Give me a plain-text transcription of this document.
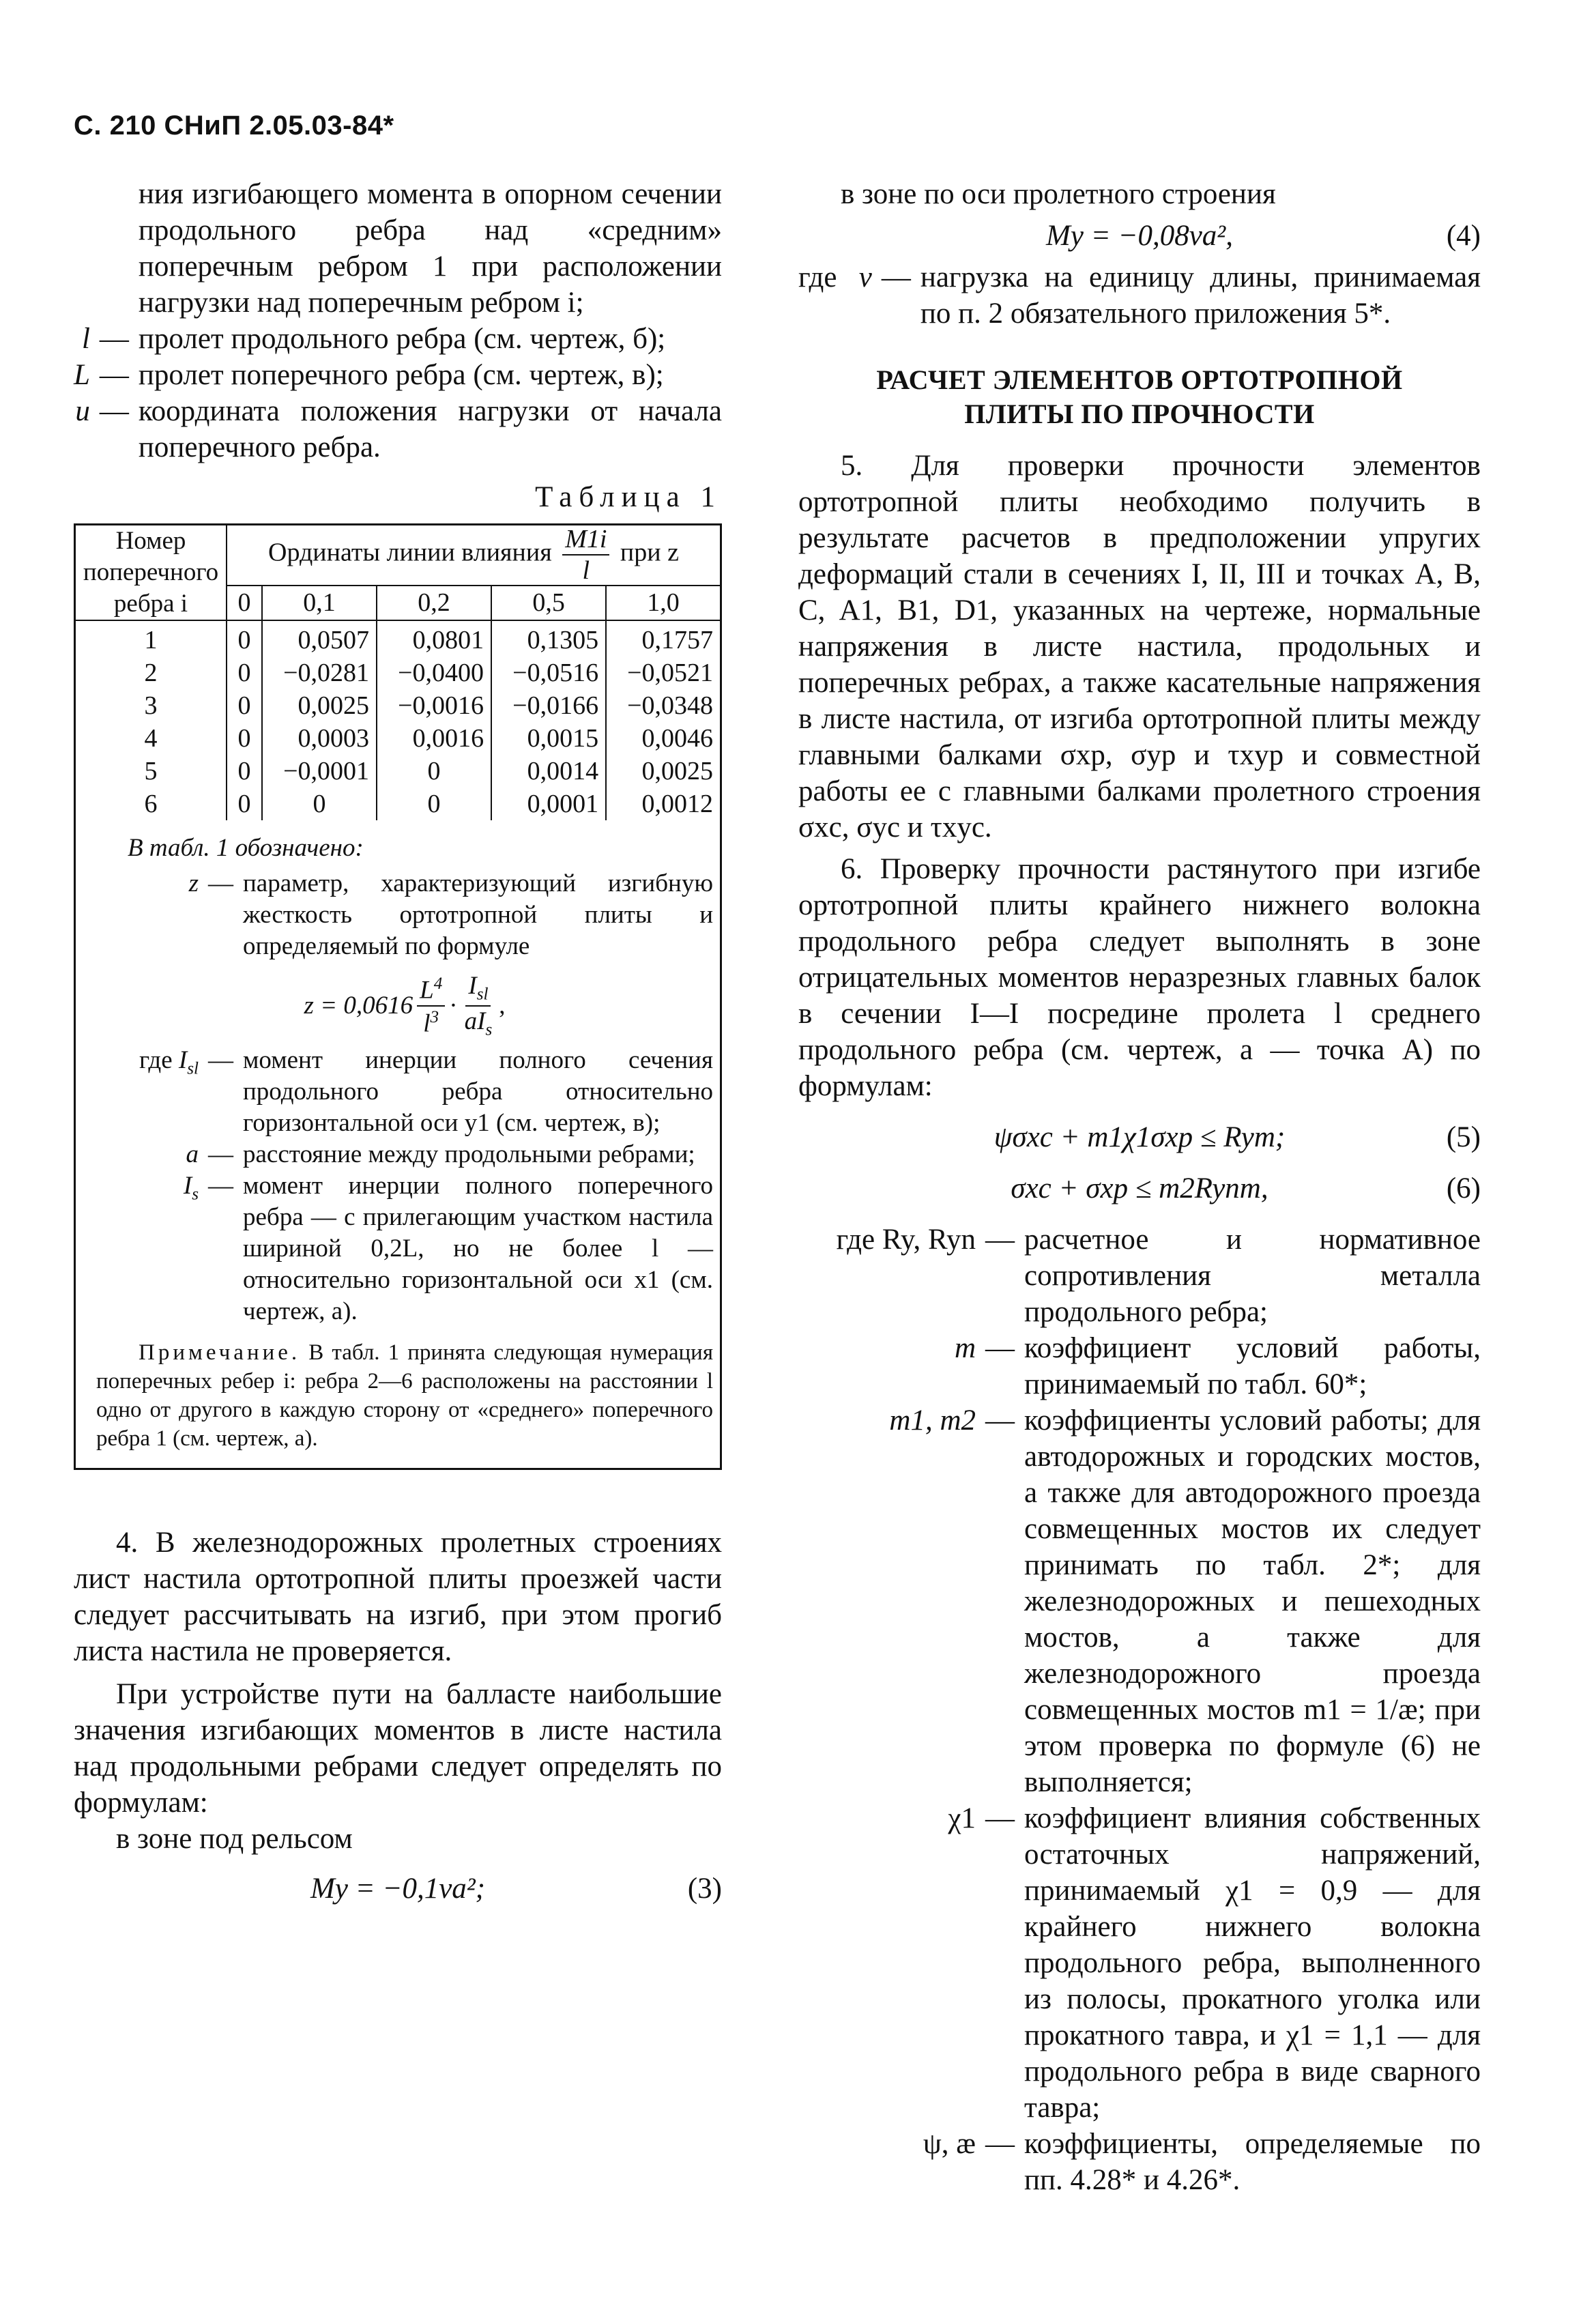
С. 210 СНиП 2.05.03-84*
ния изгибающего момента в опорном сечении продольного ребра над «средним» поперечным ребром 1 при расположении нагрузки над поперечным ребром i;
l — пролет продольного ребра (см. чертеж, б);
L — пролет поперечного ребра (см. чертеж, в);
u — координата положения нагрузки от начала поперечного ребра.
Таблица 1
Номер поперечного ребра i	Ординаты линии влияния $\frac{M1i}{l}$ при z				
	0	0,1	0,2	0,5	1,0
1	0	0,0507	0,0801	0,1305	0,1757
2	0	−0,0281	−0,0400	−0,0516	−0,0521
3	0	0,0025	−0,0016	−0,0166	−0,0348
4	0	0,0003	0,0016	0,0015	0,0046
5	0	−0,0001	0	0,0014	0,0025
6	0	0	0	0,0001	0,0012
В табл. 1 обозначено:
z — параметр, характеризующий изгибную жесткость ортотропной плиты и определяемый по формуле
$z = 0,0616 \frac{L^4}{l^3} \cdot \frac{I_{sl}}{aI_s}$ ,
где $I_{sl}$ — момент инерции полного сечения продольного ребра относительно горизонтальной оси y1 (см. чертеж, в);
a — расстояние между продольными ребрами;
$I_s$ — момент инерции полного поперечного ребра — с прилегающим участком настила шириной 0,2L, но не более l — относительно горизонтальной оси x1 (см. чертеж, а).

Примечание. В табл. 1 принята следующая нумерация поперечных ребер i: ребра 2—6 расположены на расстоянии l одно от другого в каждую сторону от «среднего» поперечного ребра 1 (см. чертеж, а).

4. В железнодорожных пролетных строениях лист настила ортотропной плиты проезжей части следует рассчитывать на изгиб, при этом прогиб листа настила не проверяется.

При устройстве пути на балласте наибольшие значения изгибающих моментов в листе настила над продольными ребрами следует определять по формулам:

в зоне под рельсом

My = −0,1va²;	(3)

в зоне по оси пролетного строения

My = −0,08va²,	(4)
где   v — нагрузка на единицу длины, принимаемая по п. 2 обязательного приложения 5*.
РАСЧЕТ ЭЛЕМЕНТОВ ОРТОТРОПНОЙ ПЛИТЫ ПО ПРОЧНОСТИ

5. Для проверки прочности элементов ортотропной плиты необходимо получить в результате расчетов в предположении упругих деформаций стали в сечениях I, II, III и точках A, B, C, A1, B1, D1, указанных на чертеже, нормальные напряжения в листе настила, продольных и поперечных ребрах, а также касательные напряжения в листе настила, от изгиба ортотропной плиты между главными балками σxp, σyp и τxyp и совместной работы ее с главными балками пролетного строения σxc, σyc и τxyc.

6. Проверку прочности растянутого при изгибе ортотропной плиты крайнего нижнего волокна продольного ребра следует выполнять в зоне отрицательных моментов неразрезных главных балок в сечении I—I посредине пролета l среднего продольного ребра (см. чертеж, а — точка A) по формулам:

ψσxc + m1χ1σxp ≤ Rym;	(5)
σxc + σxp ≤ m2Rynm,	(6)
где Ry, Ryn — расчетное и нормативное сопротивления металла продольного ребра;
m — коэффициент условий работы, принимаемый по табл. 60*;
m1, m2 — коэффициенты условий работы; для автодорожных и городских мостов, а также для автодорожного проезда совмещенных мостов их следует принимать по табл. 2*; для железнодорожных и пешеходных мостов, а также для железнодорожного проезда совмещенных мостов m1 = 1/æ; при этом проверка по формуле (6) не выполняется;
χ1 — коэффициент влияния собственных остаточных напряжений, принимаемый χ1 = 0,9 — для крайнего нижнего волокна продольного ребра, выполненного из полосы, прокатного уголка или прокатного тавра, и χ1 = 1,1 — для продольного ребра в виде сварного тавра;
ψ, æ — коэффициенты, определяемые по пп. 4.28* и 4.26*.
